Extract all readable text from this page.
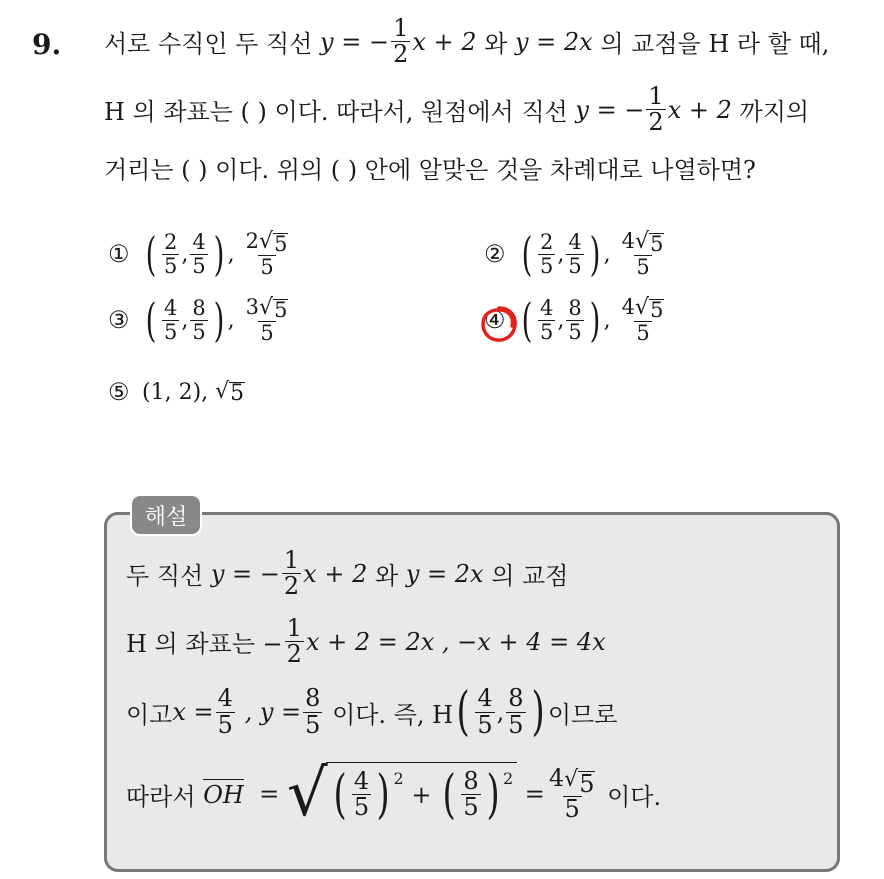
9. 서로 수직인 두 직선
y
= − $\frac{1}{2}$ x + 2
와
y = 2x
의 교점을 H 라 할 때,
H 의 좌표는 ( ) 이다. 따라서, 원점에서 직선
y
= − $\frac{1}{2}$ x + 2
까지의
거리는 ( ) 이다. 위의 ( ) 안에 알맞은 것을 차례대로 나열하면?
① ( $\frac{2}{5}$ , $\frac{4}{5}$ ) , $\frac{2 √ 5}{5}$	② ( $\frac{2}{5}$ , $\frac{4}{5}$ ) , $\frac{4 √ 5}{5}$
③ ( $\frac{4}{5}$ , $\frac{8}{5}$ ) , $\frac{3 √ 5}{5}$	④ ( $\frac{4}{5}$ , $\frac{8}{5}$ ) , $\frac{4 √ 5}{5}$
⑤ (1, 2),
√ 5
해설
두 직선
y
= − $\frac{1}{2}$ x + 2
와
y = 2x
의 교점
H 의 좌표는 − $\frac{1}{2}$ x + 2 = 2x , −x + 4 = 4x
이고 $x = \frac{4}{5}$
, $y = \frac{8}{5}$
이다. 즉, H ( $\frac{4}{5}$ , $\frac{8}{5}$ ) 이므로
따라서
OH
=
√ ( $\frac{4}{5}$ ) 2

+
( $\frac{8}{5}$ ) 2

= $\frac{4 √ 5}{5}$
이다.
